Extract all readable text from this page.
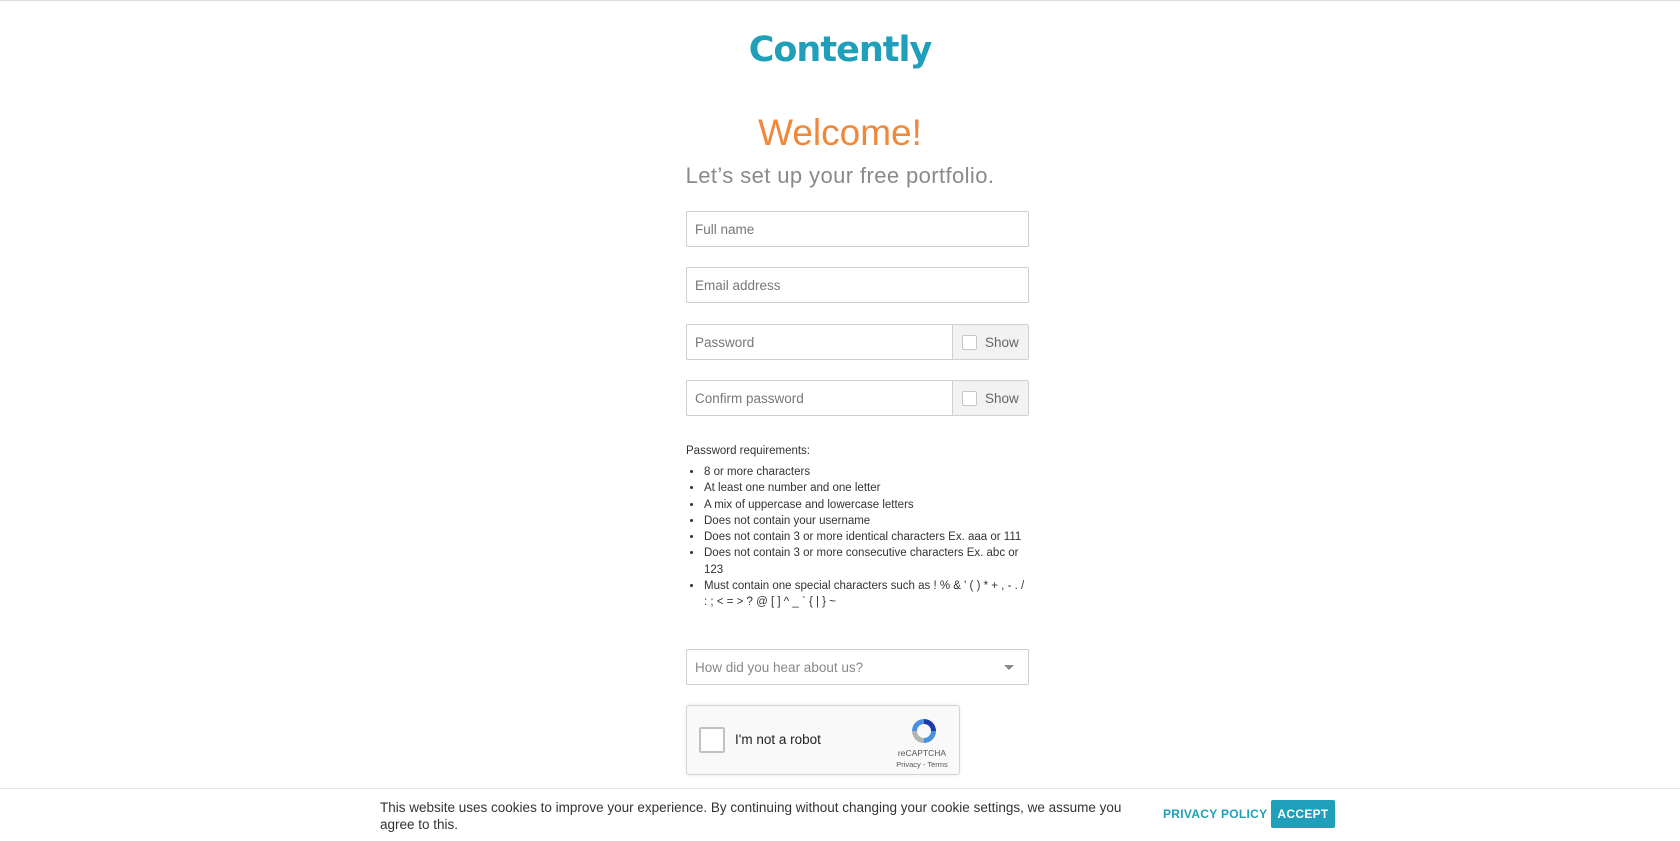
Contently
Welcome!
Let’s set up your free portfolio.
Full name
Email address
Show
Show

Password requirements:

• 8 or more characters
• At least one number and one letter
• A mix of uppercase and lowercase letters
• Does not contain your username
• Does not contain 3 or more identical characters Ex. aaa or 111
• Does not contain 3 or more consecutive characters Ex. abc or 123
• Must contain one special characters such as ! % & ' ( ) * + , - . / : ; < = > ? @ [ ] ^ _ ` { | } ~
How did you hear about us?
I'm not a robot
reCAPTCHA
Privacy - Terms
This website uses cookies to improve your experience. By continuing without changing your cookie settings, we assume you agree to this.
PRIVACY POLICY ACCEPT
